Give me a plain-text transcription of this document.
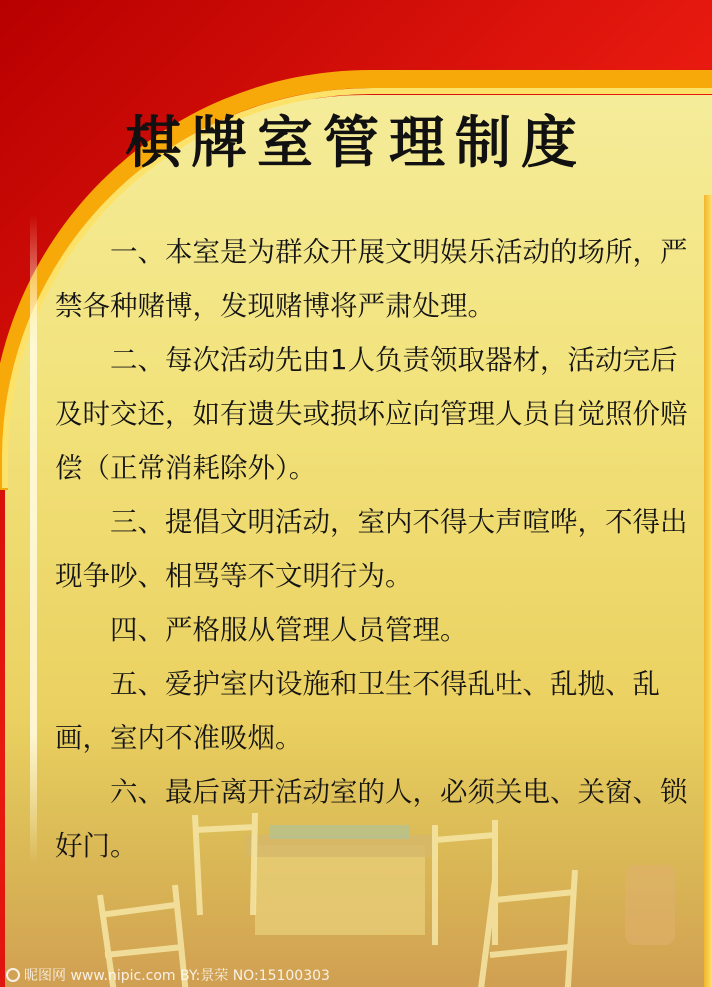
棋牌室管理制度

一、本室是为群众开展文明娱乐活动的场所，严禁各种赌博，发现赌博将严肃处理。

二、每次活动先由1人负责领取器材，活动完后及时交还，如有遗失或损坏应向管理人员自觉照价赔偿（正常消耗除外）。

三、提倡文明活动，室内不得大声喧哗，不得出现争吵、相骂等不文明行为。

四、严格服从管理人员管理。

五、爱护室内设施和卫生不得乱吐、乱抛、乱画，室内不准吸烟。

六、最后离开活动室的人，必须关电、关窗、锁好门。

昵图网 www.nipic.com BY:景荣 NO:15100303
